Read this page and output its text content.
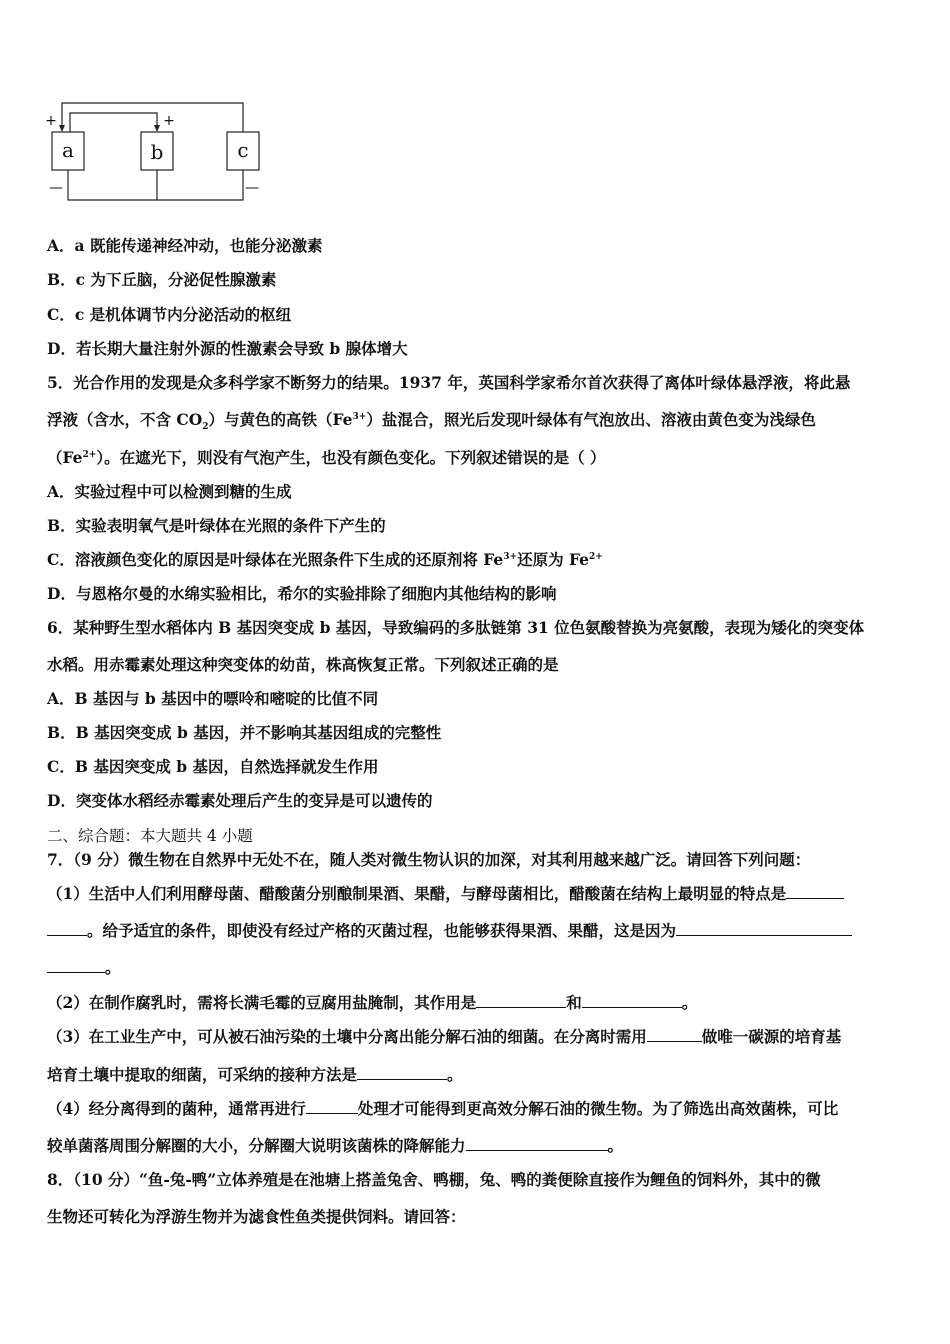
a	b	c
+	+
—	—
A．a 既能传递神经冲动，也能分泌激素
B．c 为下丘脑，分泌促性腺激素
C．c 是机体调节内分泌活动的枢纽
D．若长期大量注射外源的性激素会导致 b 腺体增大
5．光合作用的发现是众多科学家不断努力的结果。1937 年，英国科学家希尔首次获得了离体叶绿体悬浮液，将此悬
浮液（含水，不含 $CO_2$）与黄色的高铁$(Fe^{3+})$盐混合，照光后发现叶绿体有气泡放出、溶液由黄色变为浅绿色
$(Fe^{2+})$。在遮光下，则没有气泡产生，也没有颜色变化。下列叙述错误的是（ ）
A．实验过程中可以检测到糖的生成
B．实验表明氧气是叶绿体在光照的条件下产生的
C．溶液颜色变化的原因是叶绿体在光照条件下生成的还原剂将 $Fe^{3+}$还原为 $Fe^{2+}$
D．与恩格尔曼的水绵实验相比，希尔的实验排除了细胞内其他结构的影响
6．某种野生型水稻体内 B 基因突变成 b 基因，导致编码的多肽链第 31 位色氨酸替换为亮氨酸，表现为矮化的突变体
水稻。用赤霉素处理这种突变体的幼苗，株高恢复正常。下列叙述正确的是
A．B 基因与 b 基因中的嘌呤和嘧啶的比值不同
B．B 基因突变成 b 基因，并不影响其基因组成的完整性
C．B 基因突变成 b 基因，自然选择就发生作用
D．突变体水稻经赤霉素处理后产生的变异是可以遗传的
二、综合题：本大题共 4 小题
7．（9 分）微生物在自然界中无处不在，随人类对微生物认识的加深，对其利用越来越广泛。请回答下列问题：
（1）生活中人们利用酵母菌、醋酸菌分别酿制果酒、果醋，与酵母菌相比，醋酸菌在结构上最明显的特点是
。给予适宜的条件，即使没有经过产格的灭菌过程，也能够获得果酒、果醋，这是因为
。
（2）在制作腐乳时，需将长满毛霉的豆腐用盐腌制，其作用是	和	。
（3）在工业生产中，可从被石油污染的土壤中分离出能分解石油的细菌。在分离时需用	做唯一碳源的培育基
培育土壤中提取的细菌，可采纳的接种方法是	。
（4）经分离得到的菌种，通常再进行	处理才可能得到更高效分解石油的微生物。为了筛选出高效菌株，可比
较单菌落周围分解圈的大小，分解圈大说明该菌株的降解能力	。
8．（10 分）“鱼-兔-鸭”立体养殖是在池塘上搭盖兔舍、鸭棚，兔、鸭的粪便除直接作为鲤鱼的饲料外，其中的微
生物还可转化为浮游生物并为滤食性鱼类提供饲料。请回答：
